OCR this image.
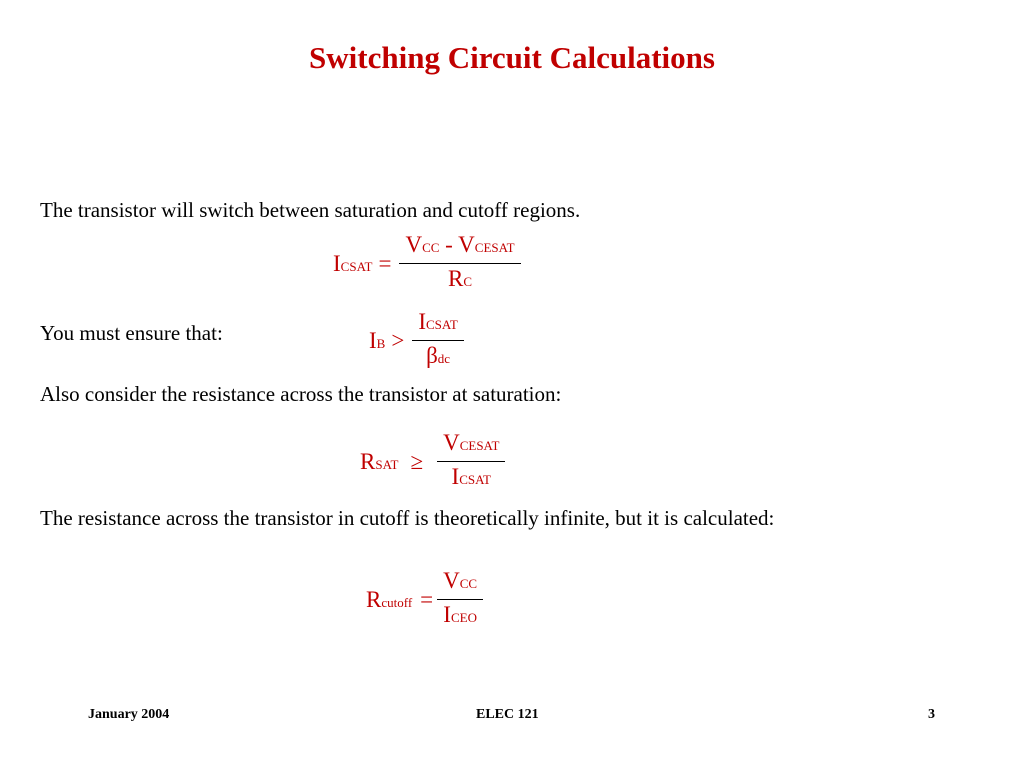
Switching Circuit Calculations
The transistor will switch between saturation and cutoff regions.
ICSAT = $\frac{\text{VCC - VCESAT}}{RC}$
You must ensure that:	IB > $\frac{\text{ICSAT}}{\text{βdc}}$
Also consider the resistance across the transistor at saturation:
RSAT ≥ $\frac{\text{VCESAT}}{\text{ICSAT}}$
The resistance across the transistor in cutoff is theoretically infinite, but it is calculated:
Rcutoff = $\frac{\text{VCC}}{\text{ICEO}}$
January 2004	ELEC 121	3
